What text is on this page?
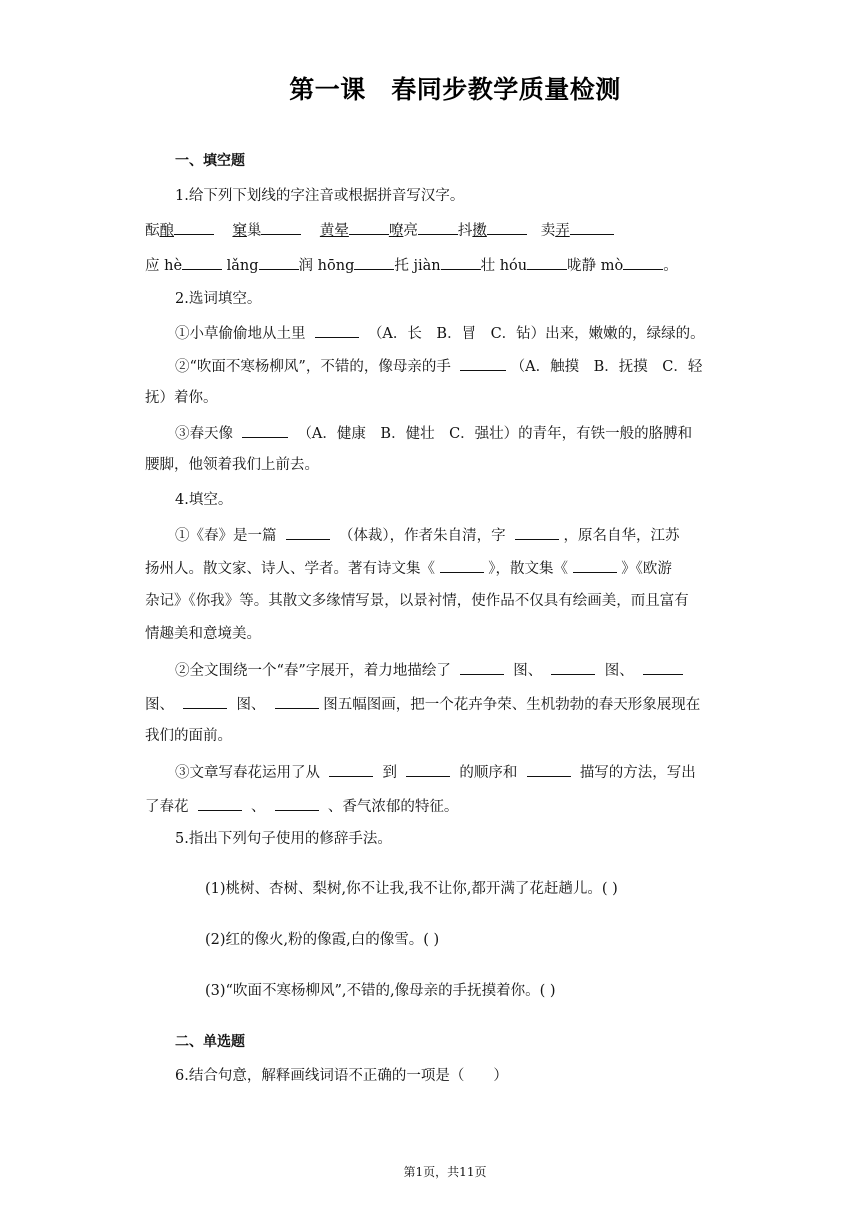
第一课　春同步教学质量检测
一、填空题
1.给下列下划线的字注音或根据拼音写汉字。
酝酿	窠巢	黄晕	嘹亮	抖擞	卖弄
应 hè	lǎng	润 hōng	托 jiàn	壮 hóu	咙静 mò	。
2.选词填空。
①小草偷偷地从土里	（A．长　B．冒　C．钻）出来，嫩嫩的，绿绿的。
②“吹面不寒杨柳风”，不错的，像母亲的手	（A．触摸　B．抚摸　C．轻
抚）着你。
③春天像	（A．健康　B．健壮　C．强壮）的青年，有铁一般的胳膊和
腰脚，他领着我们上前去。
4.填空。
①《春》是一篇	（体裁），作者朱自清，字	，原名自华，江苏
扬州人。散文家、诗人、学者。著有诗文集《	》，散文集《	》《欧游
杂记》《你我》等。其散文多缘情写景，以景衬情，使作品不仅具有绘画美，而且富有
情趣美和意境美。
②全文围绕一个“春”字展开，着力地描绘了	图、	图、
图、	图、	图五幅图画，把一个花卉争荣、生机勃勃的春天形象展现在
我们的面前。
③文章写春花运用了从	到	的顺序和	描写的方法，写出
了春花	、	、香气浓郁的特征。
5.指出下列句子使用的修辞手法。
(1)桃树、杏树、梨树,你不让我,我不让你,都开满了花赶趟儿。( )
(2)红的像火,粉的像霞,白的像雪。( )
(3)“吹面不寒杨柳风”,不错的,像母亲的手抚摸着你。( )
二、单选题
6.结合句意，解释画线词语不正确的一项是（　　）
第1页，共11页
